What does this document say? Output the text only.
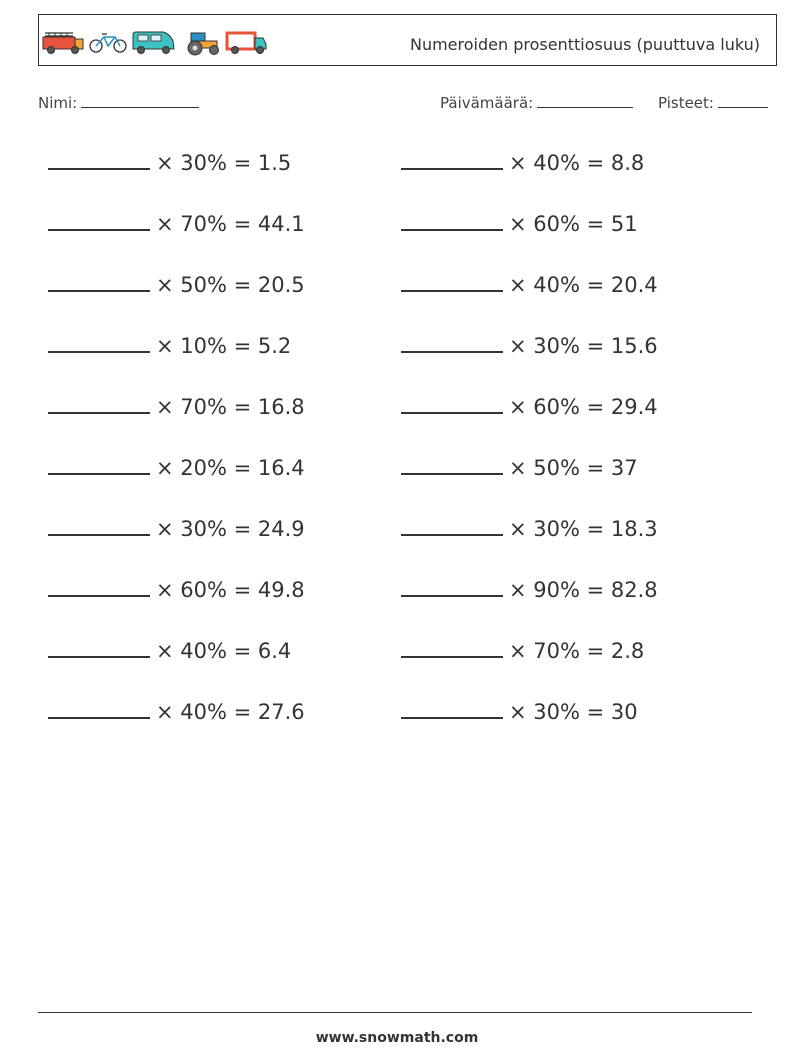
Numeroiden prosenttiosuus (puuttuva luku)
Nimi:	Päivämäärä:	Pisteet:
× 30% = 1.5	× 40% = 8.8
× 70% = 44.1	× 60% = 51
× 50% = 20.5	× 40% = 20.4
× 10% = 5.2	× 30% = 15.6
× 70% = 16.8	× 60% = 29.4
× 20% = 16.4	× 50% = 37
× 30% = 24.9	× 30% = 18.3
× 60% = 49.8	× 90% = 82.8
× 40% = 6.4	× 70% = 2.8
× 40% = 27.6	× 30% = 30
www.snowmath.com
